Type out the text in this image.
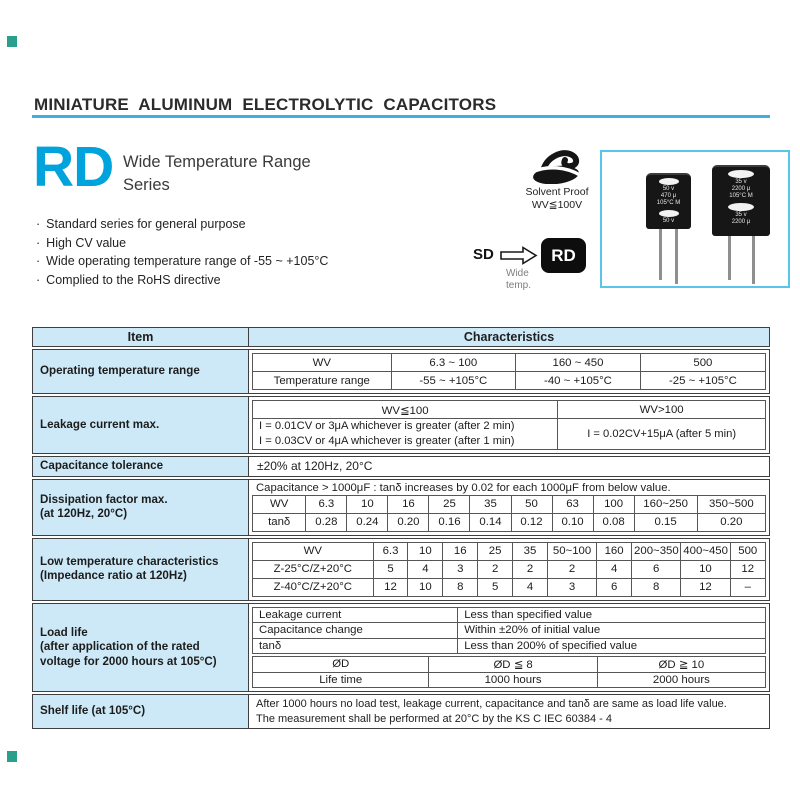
MINIATURE ALUMINUM ELECTROLYTIC CAPACITORS
RD Wide Temperature Range
Series
· Standard series for general purpose
· High CV value
· Wide operating temperature range of -55 ~ +105°C
· Complied to the RoHS directive
Solvent Proof
WV≦100V
SD	RD
Wide
temp.
50 v
470 μ
105°C M
50 v
35 v
2200 μ
105°C M
35 v
2200 μ
Item	Characteristics
Operating temperature range
WV	6.3 ~ 100	160 ~ 450	500
Temperature range	-55 ~ +105°C	-40 ~ +105°C	-25 ~ +105°C
Leakage current max.
WV≦100	WV>100

I = 0.01CV or 3μA whichever is greater (after 2 min)
I = 0.03CV or 4μA whichever is greater (after 1 min)	I = 0.02CV+15μA (after 5 min)
Capacitance tolerance	±20% at 120Hz, 20°C
Dissipation factor max.
(at 120Hz, 20°C)
Capacitance > 1000μF : tanδ increases by 0.02 for each 1000μF from below value.
WV	6.3	10	16	25	35	50	63	100	160~250	350~500
tanδ	0.28	0.24	0.20	0.16	0.14	0.12	0.10	0.08	0.15	0.20
Low temperature characteristics
(Impedance ratio at 120Hz)
WV	6.3	10	16	25	35	50~100	160	200~350	400~450	500
Z-25°C/Z+20°C	5	4	3	2	2	2	4	6	10	12
Z-40°C/Z+20°C	12	10	8	5	4	3	6	8	12	–
Load life
(after application of the rated
voltage for 2000 hours at 105°C)
Leakage current	Less than specified value
Capacitance change	Within ±20% of initial value
tanδ	Less than 200% of specified value
ØD	ØD ≦ 8	ØD ≧ 10
Life time	1000 hours	2000 hours
Shelf life (at 105°C)
After 1000 hours no load test, leakage current, capacitance and tanδ are same as load life value.
The measurement shall be performed at 20°C by the KS C IEC 60384 - 4
